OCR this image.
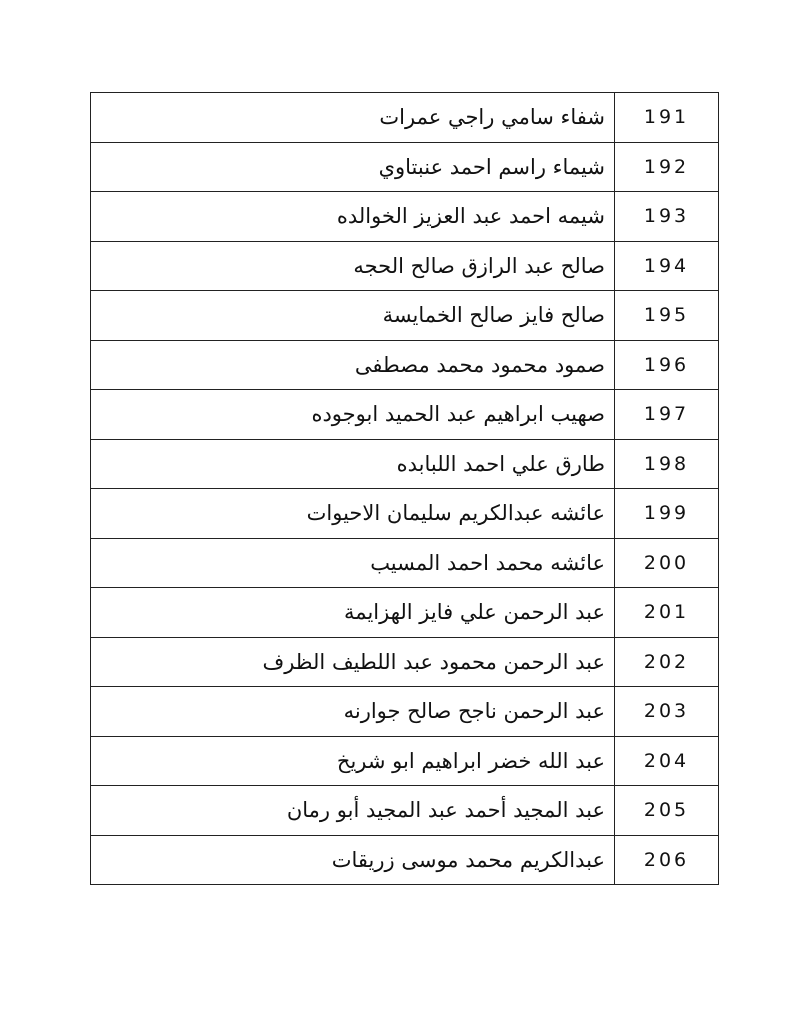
191	شفاء سامي راجي عمرات
192	شيماء راسم احمد عنبتاوي
193	شيمه احمد عبد العزيز الخوالده
194	صالح عبد الرازق صالح الحجه
195	صالح فايز صالح الخمايسة
196	صمود محمود محمد مصطفى
197	صهيب ابراهيم عبد الحميد ابوجوده
198	طارق علي احمد اللبابده
199	عائشه عبدالكريم سليمان الاحيوات
200	عائشه محمد احمد المسيب
201	عبد الرحمن علي فايز الهزايمة
202	عبد الرحمن محمود عبد اللطيف الظرف
203	عبد الرحمن ناجح صالح جوارنه
204	عبد الله خضر ابراهيم ابو شريخ
205	عبد المجيد أحمد عبد المجيد أبو رمان
206	عبدالكريم محمد موسى زريقات
